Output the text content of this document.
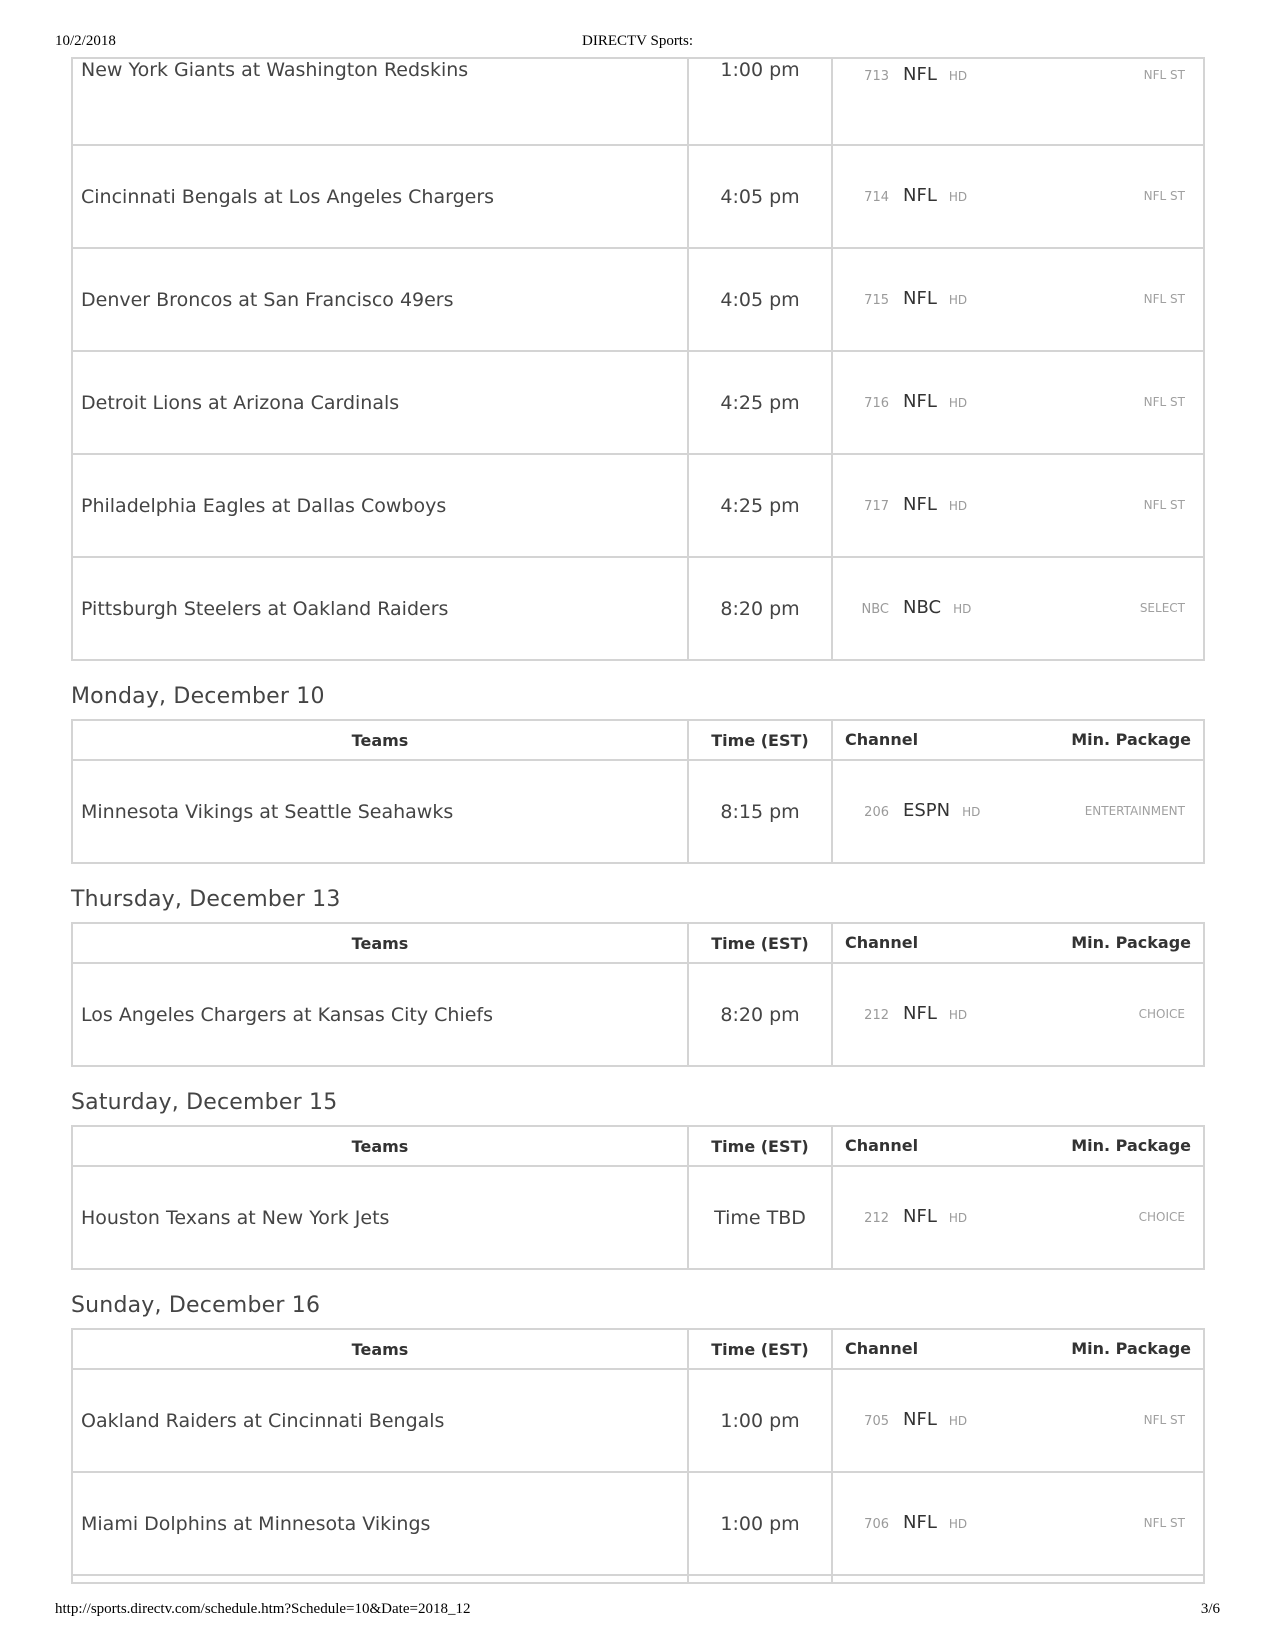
10/2/2018	DIRECTV Sports:
New York Giants at Washington Redskins	1:00 pm	713 NFL HD NFL ST

Cincinnati Bengals at Los Angeles Chargers	4:05 pm	714 NFL HD NFL ST

Denver Broncos at San Francisco 49ers	4:05 pm	715 NFL HD NFL ST

Detroit Lions at Arizona Cardinals	4:25 pm	716 NFL HD NFL ST

Philadelphia Eagles at Dallas Cowboys	4:25 pm	717 NFL HD NFL ST

Pittsburgh Steelers at Oakland Raiders	8:20 pm	NBC NBC HD SELECT
Monday, December 10
Teams	Time (EST)	Channel Min. Package

Minnesota Vikings at Seattle Seahawks	8:15 pm	206 ESPN HD ENTERTAINMENT
Thursday, December 13
Teams	Time (EST)	Channel Min. Package

Los Angeles Chargers at Kansas City Chiefs	8:20 pm	212 NFL HD CHOICE
Saturday, December 15
Teams	Time (EST)	Channel Min. Package

Houston Texans at New York Jets	Time TBD	212 NFL HD CHOICE
Sunday, December 16
Teams	Time (EST)	Channel Min. Package

Oakland Raiders at Cincinnati Bengals	1:00 pm	705 NFL HD NFL ST

Miami Dolphins at Minnesota Vikings	1:00 pm	706 NFL HD NFL ST

http://sports.directv.com/schedule.htm?Schedule=10&Date=2018_12	3/6
